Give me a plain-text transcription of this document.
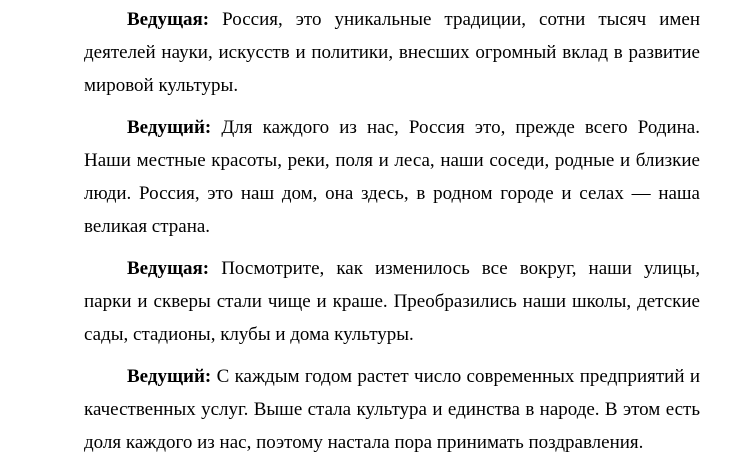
Ведущая: Россия, это уникальные традиции, сотни тысяч имен деятелей науки, искусств и политики, внесших огромный вклад в развитие мировой культуры.

Ведущий: Для каждого из нас, Россия это, прежде всего Родина. Наши местные красоты, реки, поля и леса, наши соседи, родные и близкие люди. Россия, это наш дом, она здесь, в родном городе и селах — наша великая страна.

Ведущая: Посмотрите, как изменилось все вокруг, наши улицы, парки и скверы стали чище и краше. Преобразились наши школы, детские сады, стадионы, клубы и дома культуры.

Ведущий: С каждым годом растет число современных предприятий и качественных услуг. Выше стала культура и единства в народе. В этом есть доля каждого из нас, поэтому настала пора принимать поздравления.
